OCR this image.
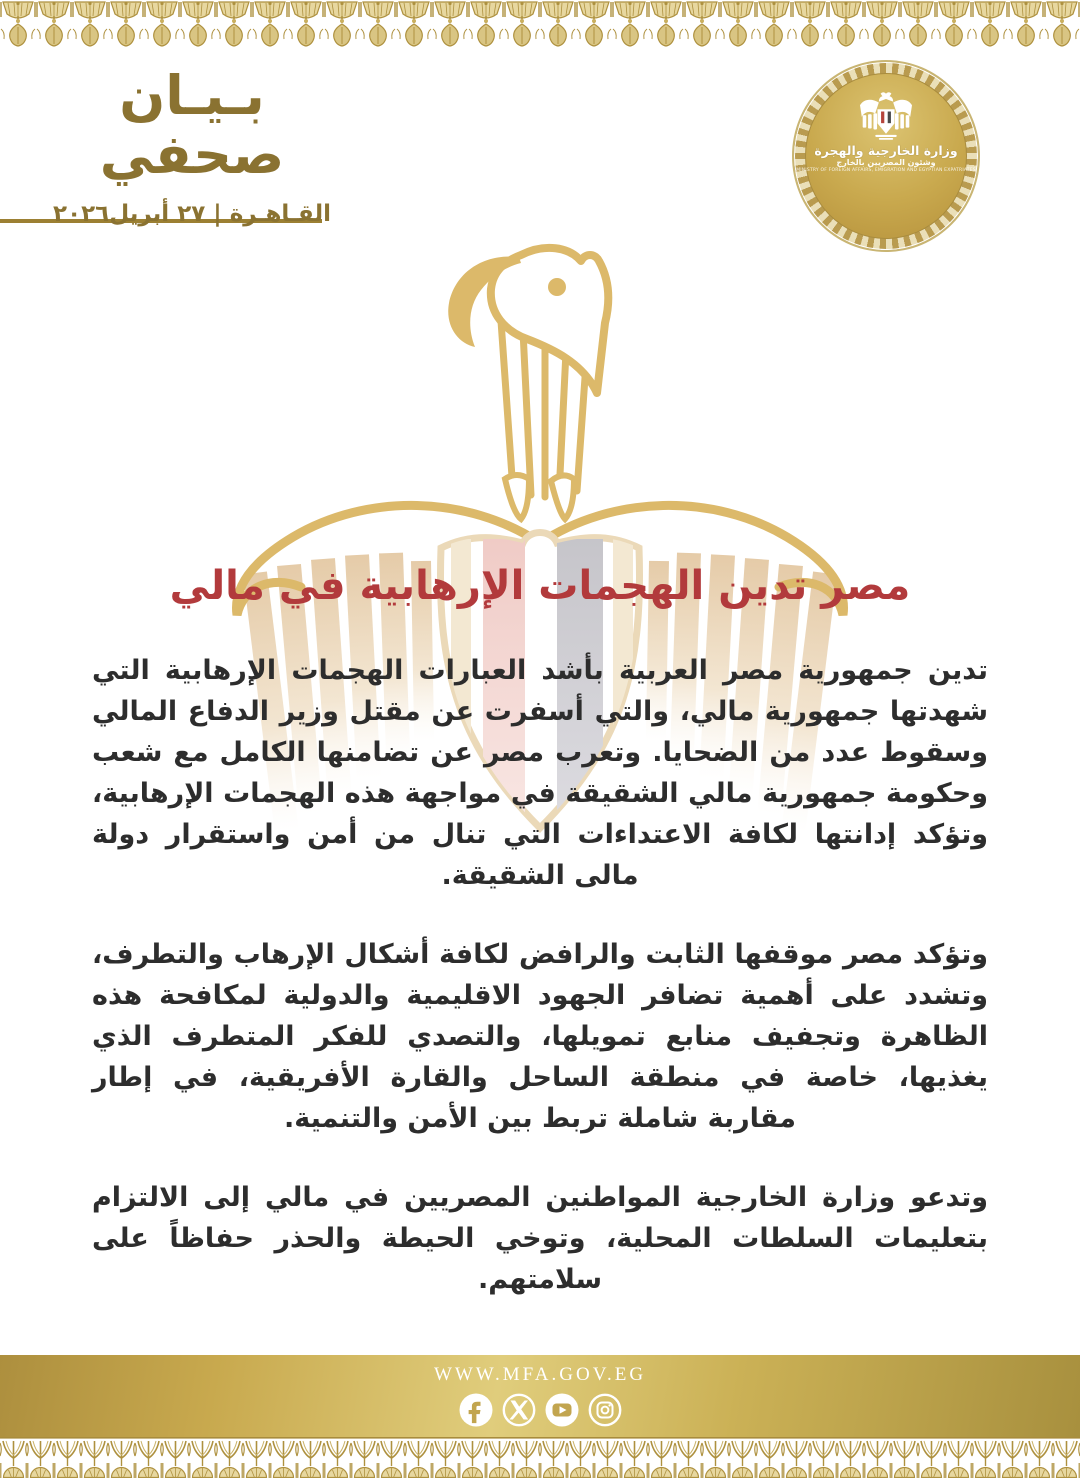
بـيـان صحفي
القـاهـرة | ٢٧ أبريل٢٠٢٦
وزارة الخارجية والهجرة
وشئون المصريين بالخارج
MINISTRY OF FOREIGN AFFAIRS, EMIGRATION AND EGYPTIAN EXPATRIATES
مصر تدين الهجمات الإرهابية في مالي

تدين جمهورية مصر العربية بأشد العبارات الهجمات الإرهابية التي شهدتها جمهورية مالي، والتي أسفرت عن مقتل وزير الدفاع المالي وسقوط عدد من الضحايا. وتعرب مصر عن تضامنها الكامل مع شعب وحكومة جمهورية مالي الشقيقة في مواجهة هذه الهجمات الإرهابية، وتؤكد إدانتها لكافة الاعتداءات التي تنال من أمن واستقرار دولة مالى الشقيقة.

وتؤكد مصر موقفها الثابت والرافض لكافة أشكال الإرهاب والتطرف، وتشدد على أهمية تضافر الجهود الاقليمية والدولية لمكافحة هذه الظاهرة وتجفيف منابع تمويلها، والتصدي للفكر المتطرف الذي يغذيها، خاصة في منطقة الساحل والقارة الأفريقية، في إطار مقاربة شاملة تربط بين الأمن والتنمية.

وتدعو وزارة الخارجية المواطنين المصريين في مالي إلى الالتزام بتعليمات السلطات المحلية، وتوخي الحيطة والحذر حفاظاً على سلامتهم.

WWW.MFA.GOV.EG
